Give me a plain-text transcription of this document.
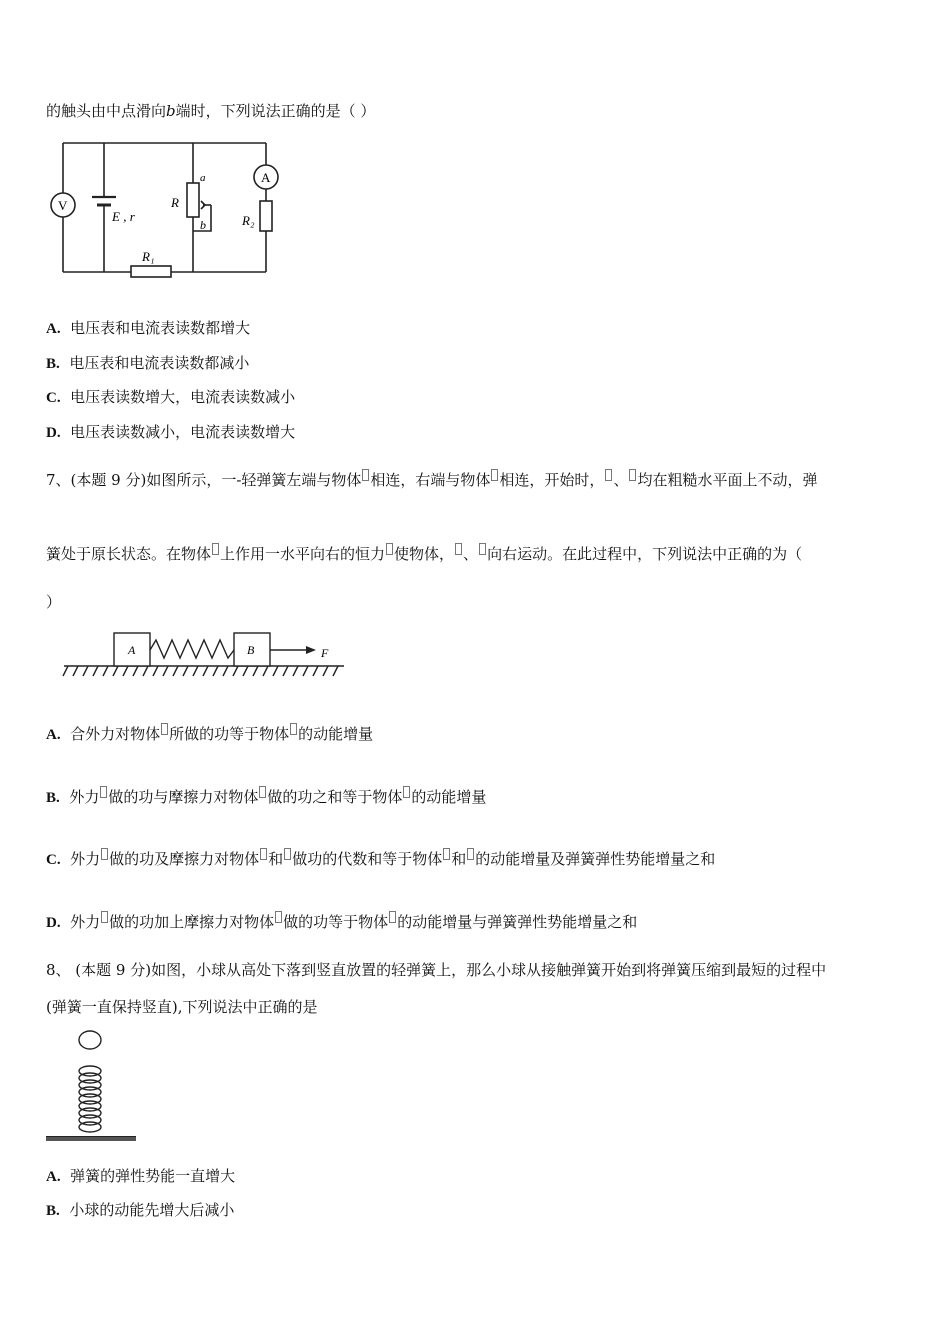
的触头由中点滑向b端时，下列说法正确的是（ ）
V
A
E , r
R
a
b
R₁
R₂
A. 电压表和电流表读数都增大
B. 电压表和电流表读数都减小
C. 电压表读数增大，电流表读数减小
D. 电压表读数减小，电流表读数增大
7、(本题 9 分)如图所示，一-轻弹簧左端与物体 相连，右端与物体 相连，开始时， 、 均在粗糙水平面上不动，弹
簧处于原长状态。在物体 上作用一水平向右的恒力 使物体， 、 向右运动。在此过程中，下列说法中正确的为（
）
A	B	F
A. 合外力对物体 所做的功等于物体 的动能增量
B. 外力 做的功与摩擦力对物体 做的功之和等于物体 的动能增量
C. 外力 做的功及摩擦力对物体 和 做功的代数和等于物体 和 的动能增量及弹簧弹性势能增量之和
D. 外力 做的功加上摩擦力对物体 做的功等于物体 的动能增量与弹簧弹性势能增量之和
8、 (本题 9 分)如图，小球从高处下落到竖直放置的轻弹簧上，那么小球从接触弹簧开始到将弹簧压缩到最短的过程中
(弹簧一直保持竖直),下列说法中正确的是
A. 弹簧的弹性势能一直增大
B. 小球的动能先增大后减小
